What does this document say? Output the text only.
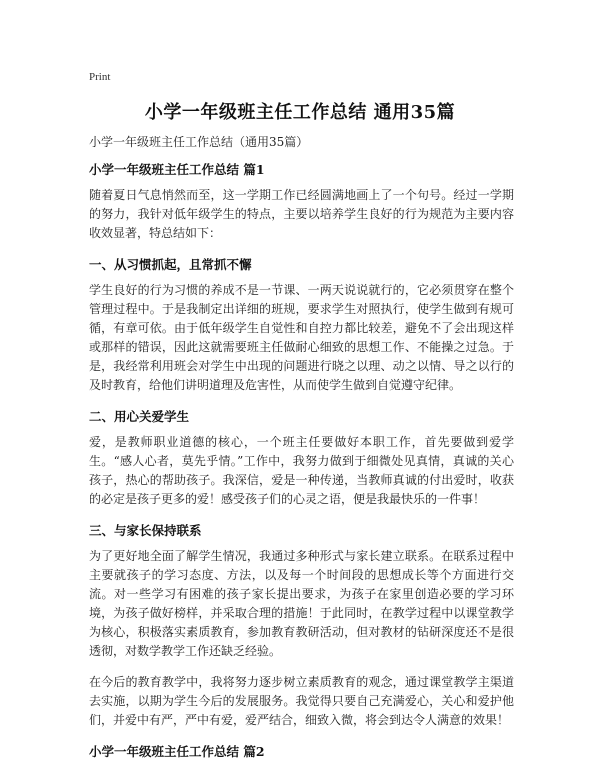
Print
小学一年级班主任工作总结 通用35篇

小学一年级班主任工作总结（通用35篇）

小学一年级班主任工作总结 篇1

随着夏日气息悄然而至，这一学期工作已经圆满地画上了一个句号。经过一学期的努力，我针对低年级学生的特点，主要以培养学生良好的行为规范为主要内容收效显著，特总结如下：

一、从习惯抓起，且常抓不懈

学生良好的行为习惯的养成不是一节课、一两天说说就行的，它必须贯穿在整个管理过程中。于是我制定出详细的班规，要求学生对照执行，使学生做到有规可循，有章可依。由于低年级学生自觉性和自控力都比较差，避免不了会出现这样或那样的错误，因此这就需要班主任做耐心细致的思想工作、不能操之过急。于是，我经常利用班会对学生中出现的问题进行晓之以理、动之以情、导之以行的及时教育，给他们讲明道理及危害性，从而使学生做到自觉遵守纪律。

二、用心关爱学生

爱，是教师职业道德的核心，一个班主任要做好本职工作，首先要做到爱学生。“感人心者，莫先乎情。”工作中，我努力做到于细微处见真情，真诚的关心孩子，热心的帮助孩子。我深信，爱是一种传递，当教师真诚的付出爱时，收获的必定是孩子更多的爱！感受孩子们的心灵之语，便是我最快乐的一件事！

三、与家长保持联系

为了更好地全面了解学生情况，我通过多种形式与家长建立联系。在联系过程中主要就孩子的学习态度、方法，以及每一个时间段的思想成长等个方面进行交流。对一些学习有困难的孩子家长提出要求，为孩子在家里创造必要的学习环境，为孩子做好榜样，并采取合理的措施！于此同时，在教学过程中以课堂教学为核心，积极落实素质教育，参加教育教研活动，但对教材的钻研深度还不是很透彻，对数学教学工作还缺乏经验。

在今后的教育教学中，我将努力逐步树立素质教育的观念，通过课堂教学主渠道去实施，以期为学生今后的发展服务。我觉得只要自己充满爱心，关心和爱护他们，并爱中有严，严中有爱，爱严结合，细致入微，将会到达令人满意的效果！

小学一年级班主任工作总结 篇2
